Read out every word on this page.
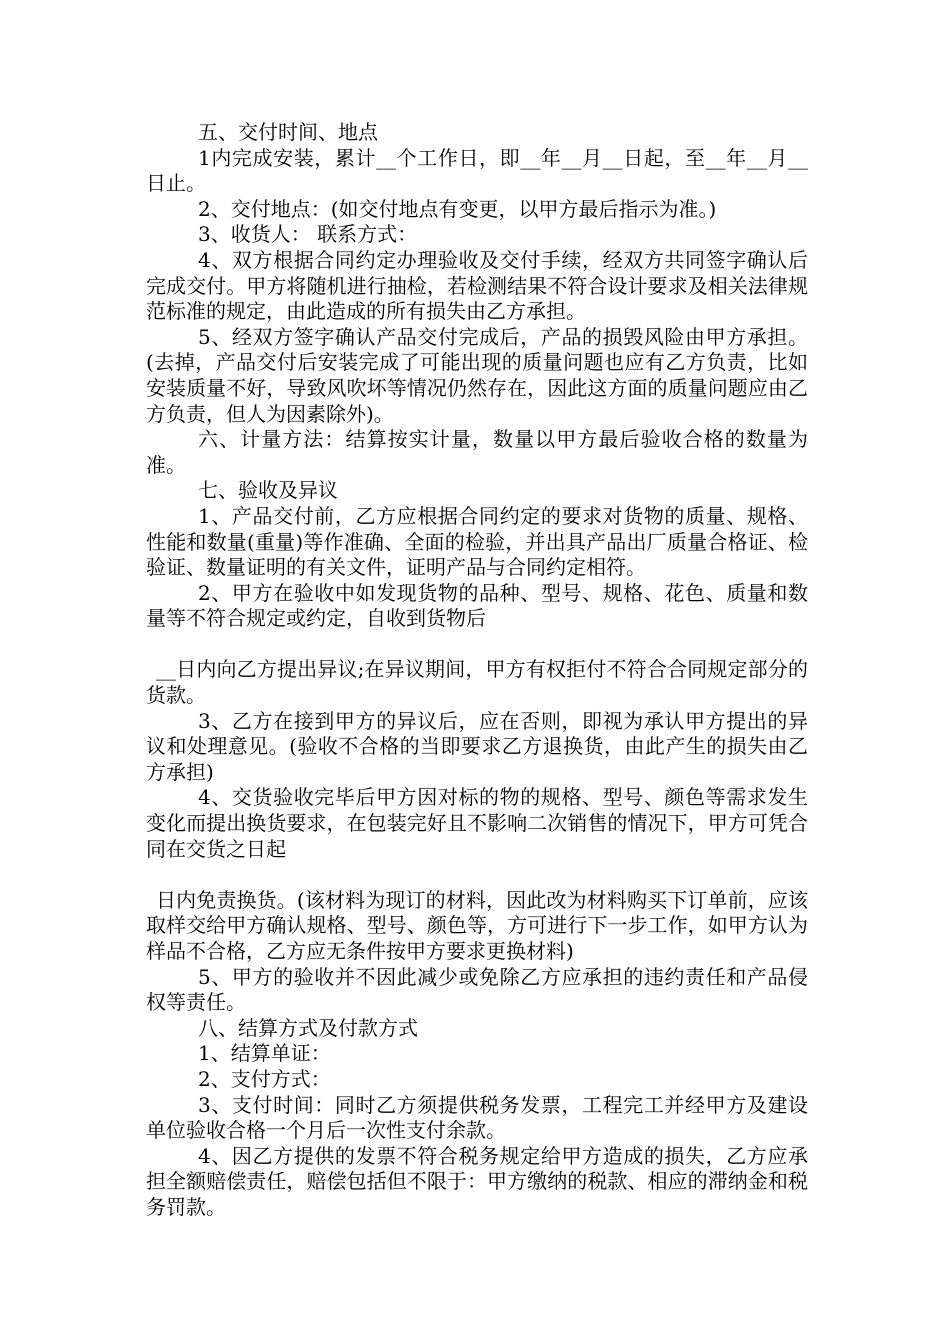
五、交付时间、地点

1内完成安装，累计__个工作日，即__年__月__日起，至__年__月__日止。

2、交付地点：(如交付地点有变更，以甲方最后指示为准。)

3、收货人： 联系方式：

4、双方根据合同约定办理验收及交付手续，经双方共同签字确认后完成交付。甲方将随机进行抽检，若检测结果不符合设计要求及相关法律规范标准的规定，由此造成的所有损失由乙方承担。

5、经双方签字确认产品交付完成后，产品的损毁风险由甲方承担。(去掉，产品交付后安装完成了可能出现的质量问题也应有乙方负责，比如安装质量不好，导致风吹坏等情况仍然存在，因此这方面的质量问题应由乙方负责，但人为因素除外)。

六、计量方法：结算按实计量，数量以甲方最后验收合格的数量为准。

七、验收及异议

1、产品交付前，乙方应根据合同约定的要求对货物的质量、规格、性能和数量(重量)等作准确、全面的检验，并出具产品出厂质量合格证、检验证、数量证明的有关文件，证明产品与合同约定相符。

2、甲方在验收中如发现货物的品种、型号、规格、花色、质量和数量等不符合规定或约定，自收到货物后

__日内向乙方提出异议;在异议期间，甲方有权拒付不符合合同规定部分的货款。

3、乙方在接到甲方的异议后，应在否则，即视为承认甲方提出的异议和处理意见。(验收不合格的当即要求乙方退换货，由此产生的损失由乙方承担)

4、交货验收完毕后甲方因对标的物的规格、型号、颜色等需求发生变化而提出换货要求，在包装完好且不影响二次销售的情况下，甲方可凭合同在交货之日起

日内免责换货。(该材料为现订的材料，因此改为材料购买下订单前，应该取样交给甲方确认规格、型号、颜色等，方可进行下一步工作，如甲方认为样品不合格，乙方应无条件按甲方要求更换材料)

5、甲方的验收并不因此减少或免除乙方应承担的违约责任和产品侵权等责任。

八、结算方式及付款方式

1、结算单证：

2、支付方式：

3、支付时间：同时乙方须提供税务发票，工程完工并经甲方及建设单位验收合格一个月后一次性支付余款。

4、因乙方提供的发票不符合税务规定给甲方造成的损失，乙方应承担全额赔偿责任，赔偿包括但不限于：甲方缴纳的税款、相应的滞纳金和税务罚款。
